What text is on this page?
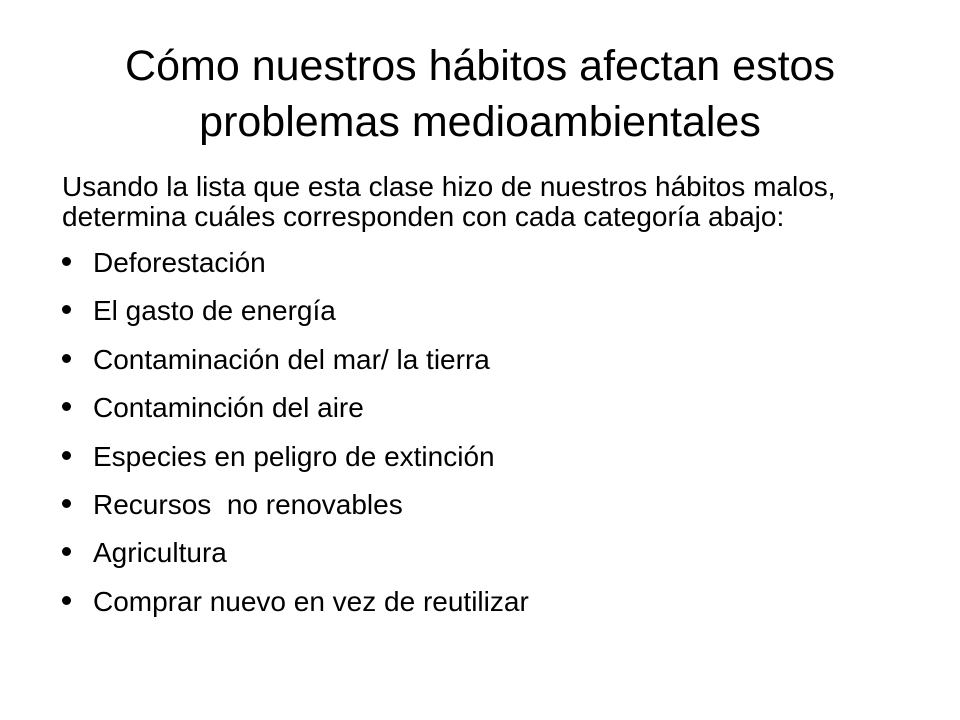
Cómo nuestros hábitos afectan estos problemas medioambientales

Usando la lista que esta clase hizo de nuestros hábitos malos, determina cuáles corresponden con cada categoría abajo:

Deforestación
El gasto de energía
Contaminación del mar/ la tierra
Contaminción del aire
Especies en peligro de extinción
Recursos  no renovables
Agricultura
Comprar nuevo en vez de reutilizar
